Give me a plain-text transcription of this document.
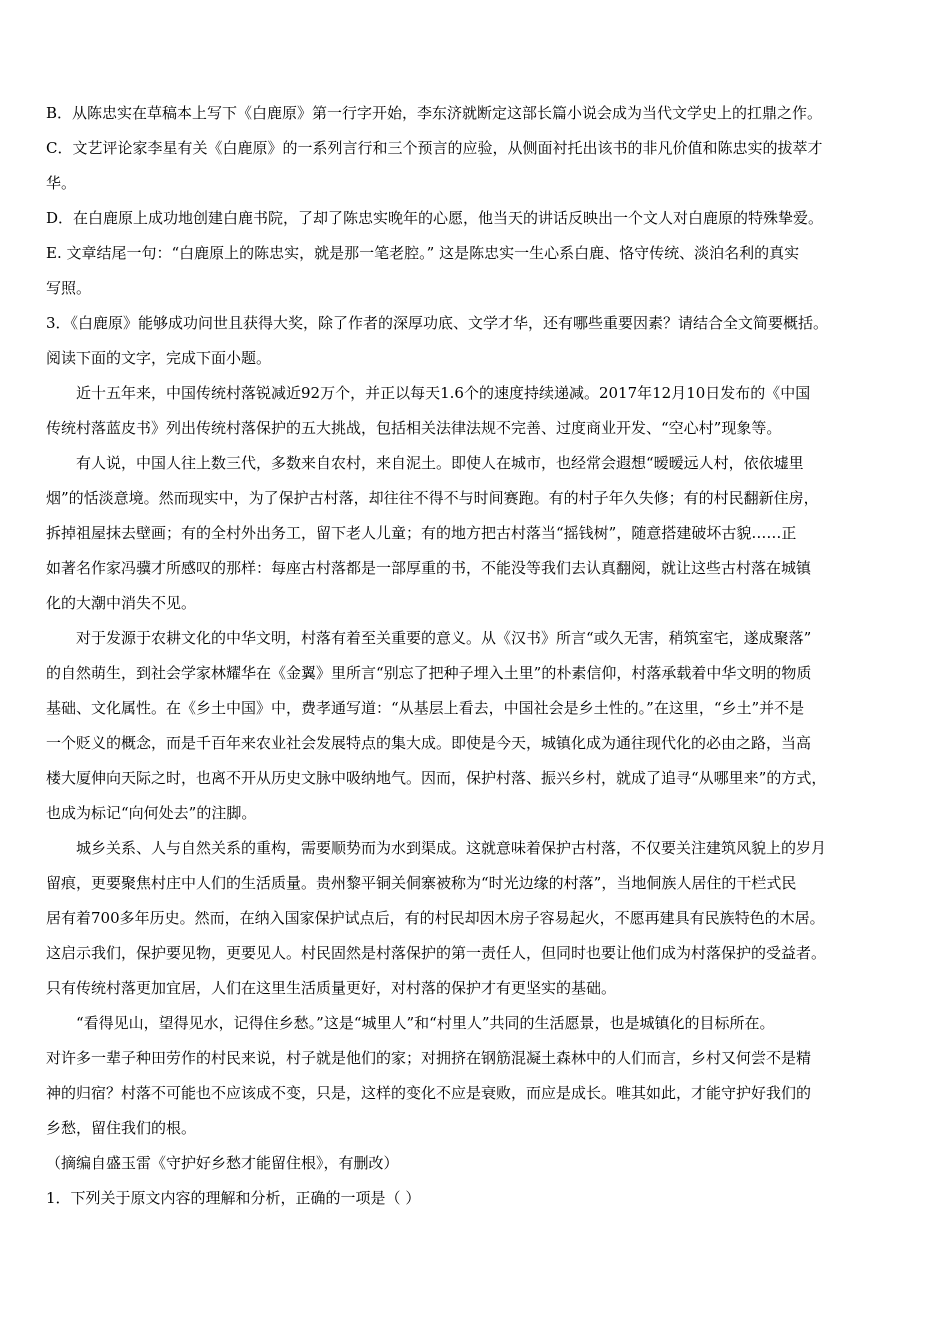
B．从陈忠实在草稿本上写下《白鹿原》第一行字开始，李东济就断定这部长篇小说会成为当代文学史上的扛鼎之作。
C．文艺评论家李星有关《白鹿原》的一系列言行和三个预言的应验，从侧面衬托出该书的非凡价值和陈忠实的拔萃才
华。
D．在白鹿原上成功地创建白鹿书院，了却了陈忠实晚年的心愿，他当天的讲话反映出一个文人对白鹿原的特殊挚爱。
E. 文章结尾一句：“白鹿原上的陈忠实，就是那一笔老腔。” 这是陈忠实一生心系白鹿、恪守传统、淡泊名利的真实
写照。
3．《白鹿原》能够成功问世且获得大奖，除了作者的深厚功底、文学才华，还有哪些重要因素？请结合全文简要概括。
阅读下面的文字，完成下面小题。
近十五年来，中国传统村落锐减近92万个，并正以每天1.6个的速度持续递减。2017年12月10日发布的《中国
传统村落蓝皮书》列出传统村落保护的五大挑战，包括相关法律法规不完善、过度商业开发、“空心村”现象等。
有人说，中国人往上数三代，多数来自农村，来自泥土。即使人在城市，也经常会遐想“暧暧远人村，依依墟里
烟”的恬淡意境。然而现实中，为了保护古村落，却往往不得不与时间赛跑。有的村子年久失修；有的村民翻新住房，
拆掉祖屋抹去壁画；有的全村外出务工，留下老人儿童；有的地方把古村落当“摇钱树”，随意搭建破坏古貌……正
如著名作家冯骥才所感叹的那样：每座古村落都是一部厚重的书，不能没等我们去认真翻阅，就让这些古村落在城镇
化的大潮中消失不见。
对于发源于农耕文化的中华文明，村落有着至关重要的意义。从《汉书》所言“或久无害，稍筑室宅，遂成聚落”
的自然萌生，到社会学家林耀华在《金翼》里所言“别忘了把种子埋入土里”的朴素信仰，村落承载着中华文明的物质
基础、文化属性。在《乡土中国》中，费孝通写道：“从基层上看去，中国社会是乡土性的。”在这里，“乡土”并不是
一个贬义的概念，而是千百年来农业社会发展特点的集大成。即使是今天，城镇化成为通往现代化的必由之路，当高
楼大厦伸向天际之时，也离不开从历史文脉中吸纳地气。因而，保护村落、振兴乡村，就成了追寻“从哪里来”的方式，
也成为标记“向何处去”的注脚。
城乡关系、人与自然关系的重构，需要顺势而为水到渠成。这就意味着保护古村落，不仅要关注建筑风貌上的岁月
留痕，更要聚焦村庄中人们的生活质量。贵州黎平铜关侗寨被称为“时光边缘的村落”，当地侗族人居住的干栏式民
居有着700多年历史。然而，在纳入国家保护试点后，有的村民却因木房子容易起火，不愿再建具有民族特色的木居。
这启示我们，保护要见物，更要见人。村民固然是村落保护的第一责任人，但同时也要让他们成为村落保护的受益者。
只有传统村落更加宜居，人们在这里生活质量更好，对村落的保护才有更坚实的基础。
“看得见山，望得见水，记得住乡愁。”这是“城里人”和“村里人”共同的生活愿景，也是城镇化的目标所在。
对许多一辈子种田劳作的村民来说，村子就是他们的家；对拥挤在钢筋混凝土森林中的人们而言，乡村又何尝不是精
神的归宿？村落不可能也不应该成不变，只是，这样的变化不应是衰败，而应是成长。唯其如此，才能守护好我们的
乡愁，留住我们的根。
（摘编自盛玉雷《守护好乡愁才能留住根》，有删改）
1．下列关于原文内容的理解和分析，正确的一项是（ ）
